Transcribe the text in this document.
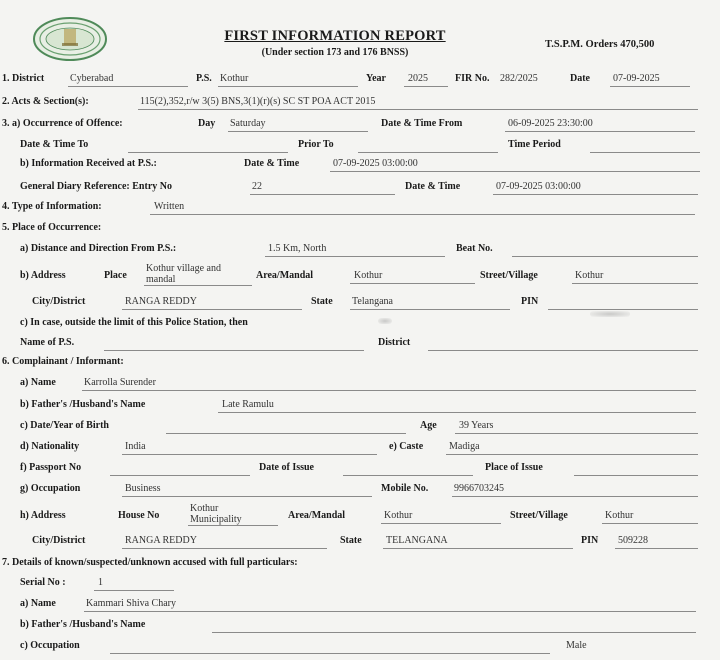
FIRST INFORMATION REPORT
(Under section 173 and 176 BNSS)
T.S.P.M. Orders 470,500
1. District	Cyberabad	P.S. Kothur	Year 2025	FIR No. 282/2025	Date 07-09-2025
2. Acts & Section(s):	115(2),352,r/w 3(5) BNS,3(1)(r)(s) SC ST POA ACT 2015
3. a) Occurrence of Offence:	Day Saturday	Date & Time From	06-09-2025 23:30:00
Date & Time To	Prior To	Time Period
b) Information Received at P.S.:	Date & Time	07-09-2025 03:00:00
General Diary Reference: Entry No	22	Date & Time	07-09-2025 03:00:00
4. Type of Information:	Written
5. Place of Occurrence:
a) Distance and Direction From P.S.:	1.5 Km, North	Beat No.
b) Address	Place
Kothur village and
mandal	Area/Mandal	Kothur	Street/Village	Kothur
City/District	RANGA REDDY	State Telangana	PIN
c) In case, outside the limit of this Police Station, then
Name of P.S.	District
6. Complainant / Informant:
a) Name	Karrolla Surender
b) Father's /Husband's Name	Late Ramulu
c) Date/Year of Birth	Age 39 Years
d) Nationality	India	e) Caste	Madiga
f) Passport No	Date of Issue	Place of Issue
g) Occupation	Business	Mobile No.	9966703245
h) Address	House No
Kothur
Municipality	Area/Mandal	Kothur	Street/Village	Kothur
City/District	RANGA REDDY	State TELANGANA	PIN 509228
7. Details of known/suspected/unknown accused with full particulars:
Serial No :	1
a) Name	Kammari Shiva Chary
b) Father's /Husband's Name
c) Occupation	Male
